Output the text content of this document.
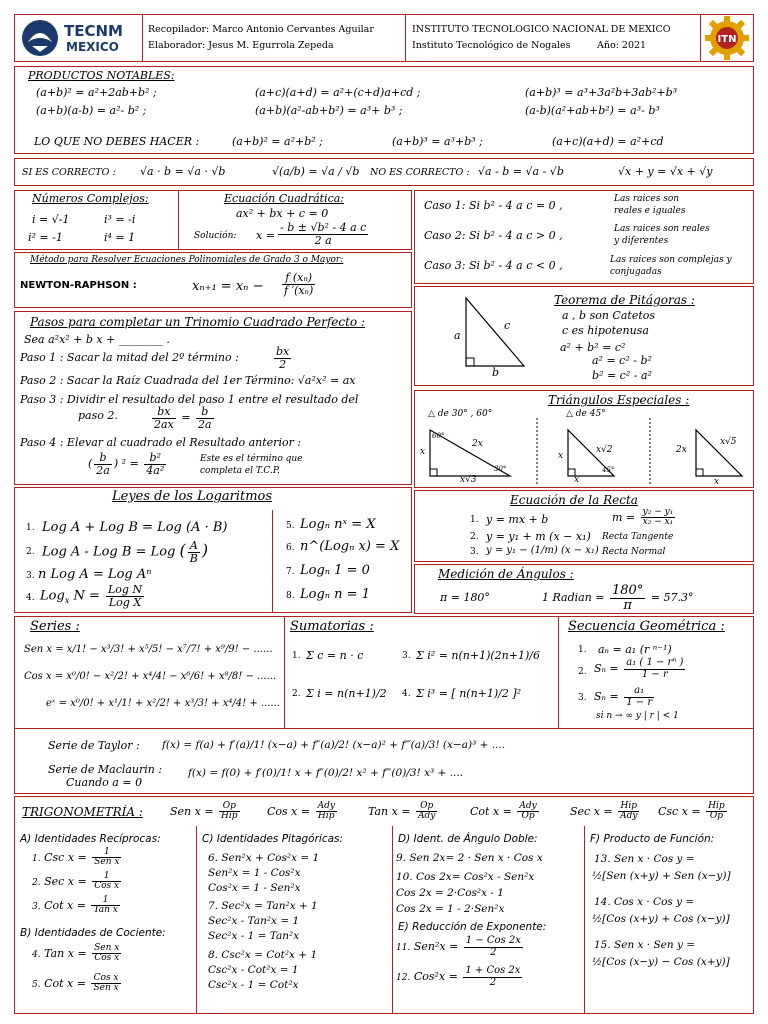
TECNM
MEXICO
Recopilador: Marco Antonio Cervantes Aguilar
Elaborador: Jesus M. Egurrola Zepeda
INSTITUTO TECNOLOGICO NACIONAL DE MEXICO
Instituto Tecnológico de Nogales	Año: 2021
ITN
PRODUCTOS NOTABLES:
(a+b)² = a²+2ab+b² ;	(a+c)(a+d) = a²+(c+d)a+cd ;	(a+b)³ = a³+3a²b+3ab²+b³
(a+b)(a-b) = a²- b² ;	(a+b)(a²-ab+b²) = a³+ b³ ;	(a-b)(a²+ab+b²) = a³- b³
LO QUE NO DEBES HACER :	(a+b)² = a²+b² ;	(a+b)³ = a³+b³ ;	(a+c)(a+d) = a²+cd
SI ES CORRECTO : √a · b = √a · √b	√(a/b) = √a / √b NO ES CORRECTO : √a - b = √a - √b	√x + y = √x + √y
Números Complejos:
i = √-1	i³ = -i
i² = -1	i⁴ = 1
Ecuación Cuadrática:
ax² + bx + c = 0
Solución: $x = \frac{\text{- b ± √b² - 4 a c}}{2 a}$
Caso 1: Si b² - 4 a c = 0 ,	Las raices son
reales e iguales
Caso 2: Si b² - 4 a c > 0 ,	Las raices son reales
y diferentes
Caso 3: Si b² - 4 a c < 0 ,	Las raices son complejas y
conjugadas
Método para Resolver Ecuaciones Polinomiales de Grado 3 o Mayor:
NEWTON-RAPHSON :	$x_{n+1} = x_n - \frac{\text{f (xₙ)}}{\text{f ′(xₙ)}}$
Pasos para completar un Trinomio Cuadrado Perfecto :
Sea a²x² + b x + ________ .
Paso 1 : Sacar la mitad del 2º término :	$\frac{bx}{2}$
Paso 2 : Sacar la Raíz Cuadrada del 1er Término: √a²x² = ax
Paso 3 : Dividir el resultado del paso 1 entre el resultado del
paso 2.	$\frac{bx}{2ax} = \frac{b}{2a}$
Paso 4 : Elevar al cuadrado el Resultado anterior :
( $\frac{b}{2a}$ ) $^2 = \frac{\text{b²}}{\text{4a²}}$	Este es el término que
completa el T.C.P.
a
b
c
Teorema de Pitágoras :
a , b son Catetos
c es hipotenusa
a² + b² = c²
a² = c² - b²
b² = c² - a²
Triángulos Especiales :
△ de 30° , 60°	△ de 45°
60°
x
2x
30°
x√3
x
x√2
45°
x
2x
x√5
x
Leyes de los Logaritmos
1. Log A + Log B = Log (A · B)
2. Log A - Log B = Log ( $\frac{A}{B}$ )
3. n Log A = Log Aⁿ
4. Log$_x$ $N = \frac{\text{Log N}}{\text{Log X}}$
5. Logₙ nˣ = X
6. n^(Logₙ x) = X
7. Logₙ 1 = 0
8. Logₙ n = 1
Ecuación de la Recta
1. y = mx + b	$m = \frac{\text{y₂ − y₁}}{\text{x₂ − x₁}}$
2. y = y₁ + m (x − x₁) Recta Tangente
3. y = y₁ − (1/m) (x − x₁) Recta Normal
Medición de Ángulos :
π = 180°	1 Radian = $\frac{180^\circ}{\pi} = 57.3^\circ$
Series :
Sen x = x/1! − x³/3! + x⁵/5! − x⁷/7! + x⁹/9! − ......
Cos x = x⁰/0! − x²/2! + x⁴/4! − x⁶/6! + x⁸/8! − ......
eˣ = x⁰/0! + x¹/1! + x²/2! + x³/3! + x⁴/4! + ......
Sumatorias :
1. Σ c = n · c
2. Σ i = n(n+1)/2
3. Σ i² = n(n+1)(2n+1)/6
4. Σ i³ = [ n(n+1)/2 ]²
Secuencia Geométrica :
1. aₙ = a₁ (r ⁿ⁻¹)
2. $S_n = \frac{\text{a₁ ( 1 − rⁿ )}}{1 - r}$
3. $S_n = \frac{\text{a₁}}{1 - r}$
si n → ∞ y | r | < 1
Serie de Taylor : f(x) = f(a) + f′(a)/1! (x−a) + f″(a)/2! (x−a)² + f‴(a)/3! (x−a)³ + ....
Serie de Maclaurin :
Cuando a = 0
f(x) = f(0) + f′(0)/1! x + f″(0)/2! x² + f‴(0)/3! x³ + ....
TRIGONOMETRÍA : Sen $x = \frac{Op}{\text{Hip}}$ Cos $x = \frac{\text{Ady}}{\text{Hip}}$	Tan $x = \frac{Op}{\text{Ady}}$	Cot $x = \frac{\text{Ady}}{Op}$	Sec $x = \frac{\text{Hip}}{\text{Ady}}$ Csc $x = \frac{\text{Hip}}{Op}$
A) Identidades Recíprocas:
1. Csc $x = \frac{1}{\text{Sen x}}$
2. Sec $x = \frac{1}{\text{Cos x}}$
3. Cot $x = \frac{1}{\text{Tan x}}$
B) Identidades de Cociente:
4. Tan $x = \frac{\text{Sen x}}{\text{Cos x}}$
5. Cot $x = \frac{\text{Cos x}}{\text{Sen x}}$
C) Identidades Pitagóricas:
6. Sen²x + Cos²x = 1
Sen²x = 1 - Cos²x
Cos²x = 1 - Sen²x
7. Sec²x = Tan²x + 1
Sec²x - Tan²x = 1
Sec²x - 1 = Tan²x
8. Csc²x = Cot²x + 1
Csc²x - Cot²x = 1
Csc²x - 1 = Cot²x
D) Ident. de Ángulo Doble:
9. Sen 2x= 2 · Sen x · Cos x
10. Cos 2x= Cos²x - Sen²x
Cos 2x = 2·Cos²x - 1
Cos 2x = 1 - 2·Sen²x
E) Reducción de Exponente:
11. $Sen^2x = \frac{\text{1 − Cos 2x}}{2}$
12. $Cos^2x = \frac{\text{1 + Cos 2x}}{2}$
F) Producto de Función:
13. Sen x · Cos y =
½[Sen (x+y) + Sen (x−y)]
14. Cos x · Cos y =
½[Cos (x+y) + Cos (x−y)]
15. Sen x · Sen y =
½[Cos (x−y) − Cos (x+y)]
